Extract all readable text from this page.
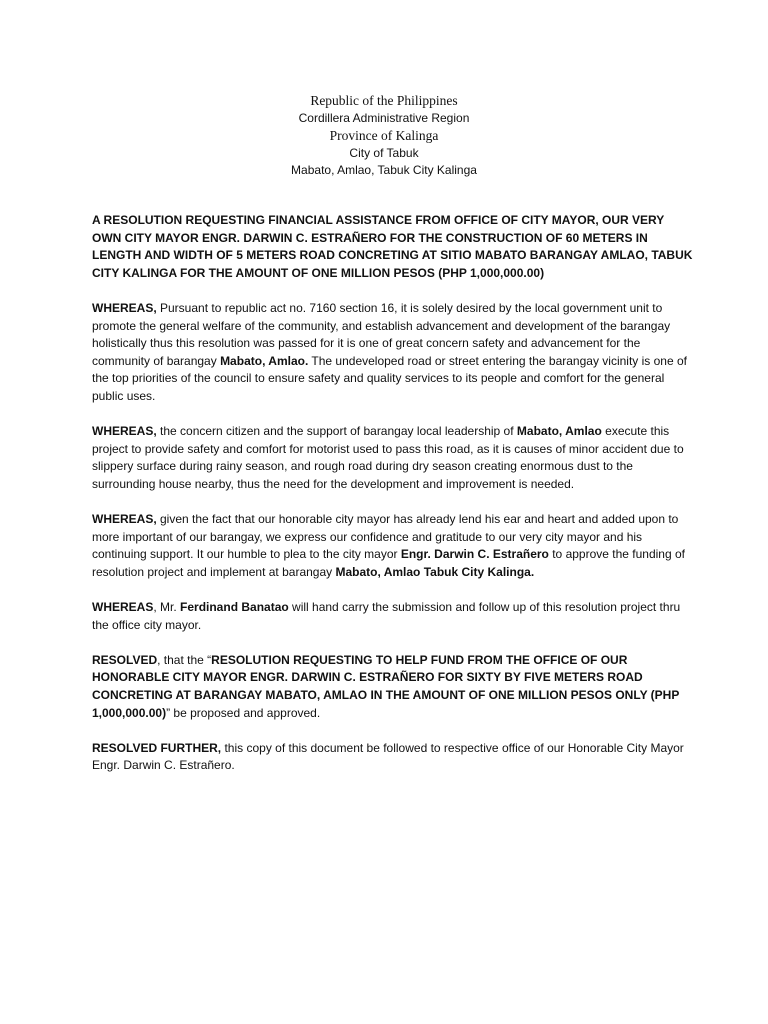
Republic of the Philippines
Cordillera Administrative Region
Province of Kalinga
City of Tabuk
Mabato, Amlao, Tabuk City Kalinga
A RESOLUTION REQUESTING FINANCIAL ASSISTANCE FROM OFFICE OF CITY MAYOR, OUR VERY OWN CITY MAYOR ENGR. DARWIN C. ESTRAÑERO FOR THE CONSTRUCTION OF 60 METERS IN LENGTH AND WIDTH OF 5 METERS ROAD CONCRETING AT SITIO MABATO BARANGAY AMLAO, TABUK CITY KALINGA FOR THE AMOUNT OF ONE MILLION PESOS (PHP 1,000,000.00)

WHEREAS, Pursuant to republic act no. 7160 section 16, it is solely desired by the local government unit to promote the general welfare of the community, and establish advancement and development of the barangay holistically thus this resolution was passed for it is one of great concern safety and advancement for the community of barangay Mabato, Amlao. The undeveloped road or street entering the barangay vicinity is one of the top priorities of the council to ensure safety and quality services to its people and comfort for the general public uses.

WHEREAS, the concern citizen and the support of barangay local leadership of Mabato, Amlao execute this project to provide safety and comfort for motorist used to pass this road, as it is causes of minor accident due to slippery surface during rainy season, and rough road during dry season creating enormous dust to the surrounding house nearby, thus the need for the development and improvement is needed.

WHEREAS, given the fact that our honorable city mayor has already lend his ear and heart and added upon to more important of our barangay, we express our confidence and gratitude to our very city mayor and his continuing support. It our humble to plea to the city mayor Engr. Darwin C. Estrañero to approve the funding of resolution project and implement at barangay Mabato, Amlao Tabuk City Kalinga.

WHEREAS, Mr. Ferdinand Banatao will hand carry the submission and follow up of this resolution project thru the office city mayor.

RESOLVED, that the “RESOLUTION REQUESTING TO HELP FUND FROM THE OFFICE OF OUR HONORABLE CITY MAYOR ENGR. DARWIN C. ESTRAÑERO FOR SIXTY BY FIVE METERS ROAD CONCRETING AT BARANGAY MABATO, AMLAO IN THE AMOUNT OF ONE MILLION PESOS ONLY (PHP 1,000,000.00)” be proposed and approved.

RESOLVED FURTHER, this copy of this document be followed to respective office of our Honorable City Mayor Engr. Darwin C. Estrañero.
